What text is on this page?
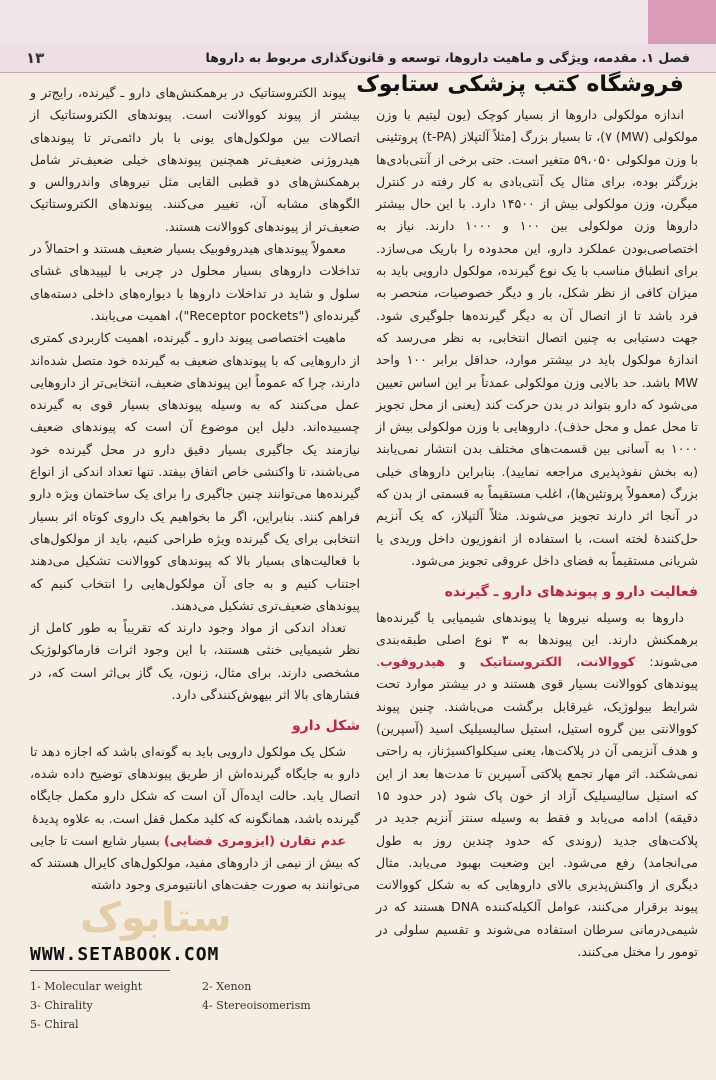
۱۳	فصل ۱. مقدمه، ویژگی و ماهیت داروها، توسعه و قانون‌گذاری مربوط به داروها
فروشگاه کتب پزشکی ستابوک

اندازه مولکولی داروها از بسیار کوچک (یون لیتیم با وزن مولکولی (MW) ۷)، تا بسیار بزرگ [مثلاً آلتپلاز (t-PA) پروتئینی با وزن مولکولی ۵۹،۰۵۰ متغیر است. حتی برخی از آنتی‌بادی‌ها بزرگتر بوده، برای مثال یک آنتی‌بادی به کار رفته در کنترل میگرن، وزن مولکولی بیش از ۱۴۵۰۰ دارد. با این حال بیشتر داروها وزن مولکولی بین ۱۰۰ و ۱۰۰۰ دارند. نیاز به اختصاصی‌بودن عملکرد دارو، این محدوده را باریک می‌سازد. برای انطباق مناسب با یک نوع گیرنده، مولکول دارویی باید به میزان کافی از نظر شکل، بار و دیگر خصوصیات، منحصر به فرد باشد تا از اتصال آن به دیگر گیرنده‌ها جلوگیری شود. جهت دستیابی به چنین اتصال انتخابی، به نظر می‌رسد که اندازهٔ مولکول باید در بیشتر موارد، حداقل برابر ۱۰۰ واحد MW باشد. حد بالایی وزن مولکولی عمدتاً بر این اساس تعیین می‌شود که دارو بتواند در بدن حرکت کند (یعنی از محل تجویز تا محل عمل و محل حذف). داروهایی با وزن مولکولی بیش از ۱۰۰۰ به آسانی بین قسمت‌های مختلف بدن انتشار نمی‌یابند (به بخش نفوذپذیری مراجعه نمایید). بنابراین داروهای خیلی بزرگ (معمولاً پروتئین‌ها)، اغلب مستقیماً به قسمتی از بدن که در آنجا اثر دارند تجویز می‌شوند. مثلاً آلتپلاز، که یک آنزیم حل‌کنندهٔ لخته است، با استفاده از انفوزیون داخل وریدی یا شریانی مستقیماً به فضای داخل عروقی تجویز می‌شود.

فعالیت دارو و پیوندهای دارو ـ گیرنده

داروها به وسیله نیروها یا پیوندهای شیمیایی با گیرنده‌ها برهمکنش دارند. این پیوندها به ۳ نوع اصلی طبقه‌بندی می‌شوند: کووالانت، الکتروستاتیک و هیدروفوب. پیوندهای کووالانت بسیار قوی هستند و در بیشتر موارد تحت شرایط بیولوژیک، غیرقابل برگشت می‌باشند. چنین پیوند کووالانتی بین گروه استیل، استیل سالیسیلیک اسید (آسپرین) و هدف آنزیمی آن در پلاکت‌ها، یعنی سیکلواکسیژناز، به راحتی نمی‌شکند. اثر مهار تجمع پلاکتی آسپرین تا مدت‌ها بعد از این که استیل سالیسیلیک آزاد از خون پاک شود (در حدود ۱۵ دقیقه) ادامه می‌یابد و فقط به وسیله سنتز آنزیم جدید در پلاکت‌های جدید (روندی که حدود چندین روز به طول می‌انجامد) رفع می‌شود. این وضعیت بهبود می‌یابد. مثال دیگری از واکنش‌پذیری بالای داروهایی که به شکل کووالانت پیوند برقرار می‌کنند، عوامل آلکیله‌کننده DNA هستند که در شیمی‌درمانی سرطان استفاده می‌شوند و تقسیم سلولی در تومور را مختل می‌کنند.

پیوند الکتروستاتیک در برهمکنش‌های دارو ـ گیرنده، رایج‌تر و بیشتر از پیوند کووالانت است. پیوندهای الکتروستاتیک از اتصالات بین مولکول‌های یونی با بار دائمی‌تر تا پیوندهای هیدروژنی ضعیف‌تر همچنین پیوندهای خیلی ضعیف‌تر شامل برهمکنش‌های دو قطبی القایی مثل نیروهای واندروالس و الگوهای مشابه آن، تغییر می‌کنند. پیوندهای الکتروستاتیک ضعیف‌تر از پیوندهای کووالانت هستند.

معمولاً پیوندهای هیدروفوبیک بسیار ضعیف هستند و احتمالاً در تداخلات داروهای بسیار محلول در چربی با لیپیدهای غشای سلول و شاید در تداخلات داروها با دیواره‌های داخلی دسته‌های گیرنده‌ای ("Receptor pockets")، اهمیت می‌یابند.

ماهیت اختصاصی پیوند دارو ـ گیرنده، اهمیت کاربردی کمتری از داروهایی که با پیوندهای ضعیف به گیرنده خود متصل شده‌اند دارند، چرا که عموماً این پیوندهای ضعیف، انتخابی‌تر از داروهایی عمل می‌کنند که به وسیله پیوندهای بسیار قوی به گیرنده چسبیده‌اند. دلیل این موضوع آن است که پیوندهای ضعیف نیازمند یک جاگیری بسیار دقیق دارو در محل گیرنده خود می‌باشند، تا واکنشی خاص اتفاق بیفتد. تنها تعداد اندکی از انواع گیرنده‌ها می‌توانند چنین جاگیری را برای یک ساختمان ویژه دارو فراهم کنند. بنابراین، اگر ما بخواهیم یک داروی کوتاه اثر بسیار انتخابی برای یک گیرنده ویژه طراحی کنیم، باید از مولکول‌های با فعالیت‌های بسیار بالا که پیوندهای کووالانت تشکیل می‌دهند اجتناب کنیم و به جای آن مولکول‌هایی را انتخاب کنیم که پیوندهای ضعیف‌تری تشکیل می‌دهند.

تعداد اندکی از مواد وجود دارند که تقریباً به طور کامل از نظر شیمیایی خنثی هستند، با این وجود اثرات فارماکولوژیک مشخصی دارند. برای مثال، زنون، یک گاز بی‌اثر است که، در فشارهای بالا اثر بیهوش‌کنندگی دارد.

شکل دارو

شکل یک مولکول دارویی باید به گونه‌ای باشد که اجازه دهد تا دارو به جایگاه گیرنده‌اش از طریق پیوندهای توضیح داده شده، اتصال یابد. حالت ایده‌آل آن است که شکل دارو مکمل جایگاه گیرنده باشد، همانگونه که کلید مکمل قفل است. به علاوه پدیدهٔ

عدم تقارن (ایزومری فضایی) بسیار شایع است تا جایی که بیش از نیمی از داروهای مفید، مولکول‌های کایرال هستند که می‌توانند به صورت جفت‌های انانتیومری وجود داشته

ستابوک
WWW.SETABOOK.COM
1- Molecular weight	2- Xenon
3- Chirality	4- Stereoisomerism
5- Chiral
